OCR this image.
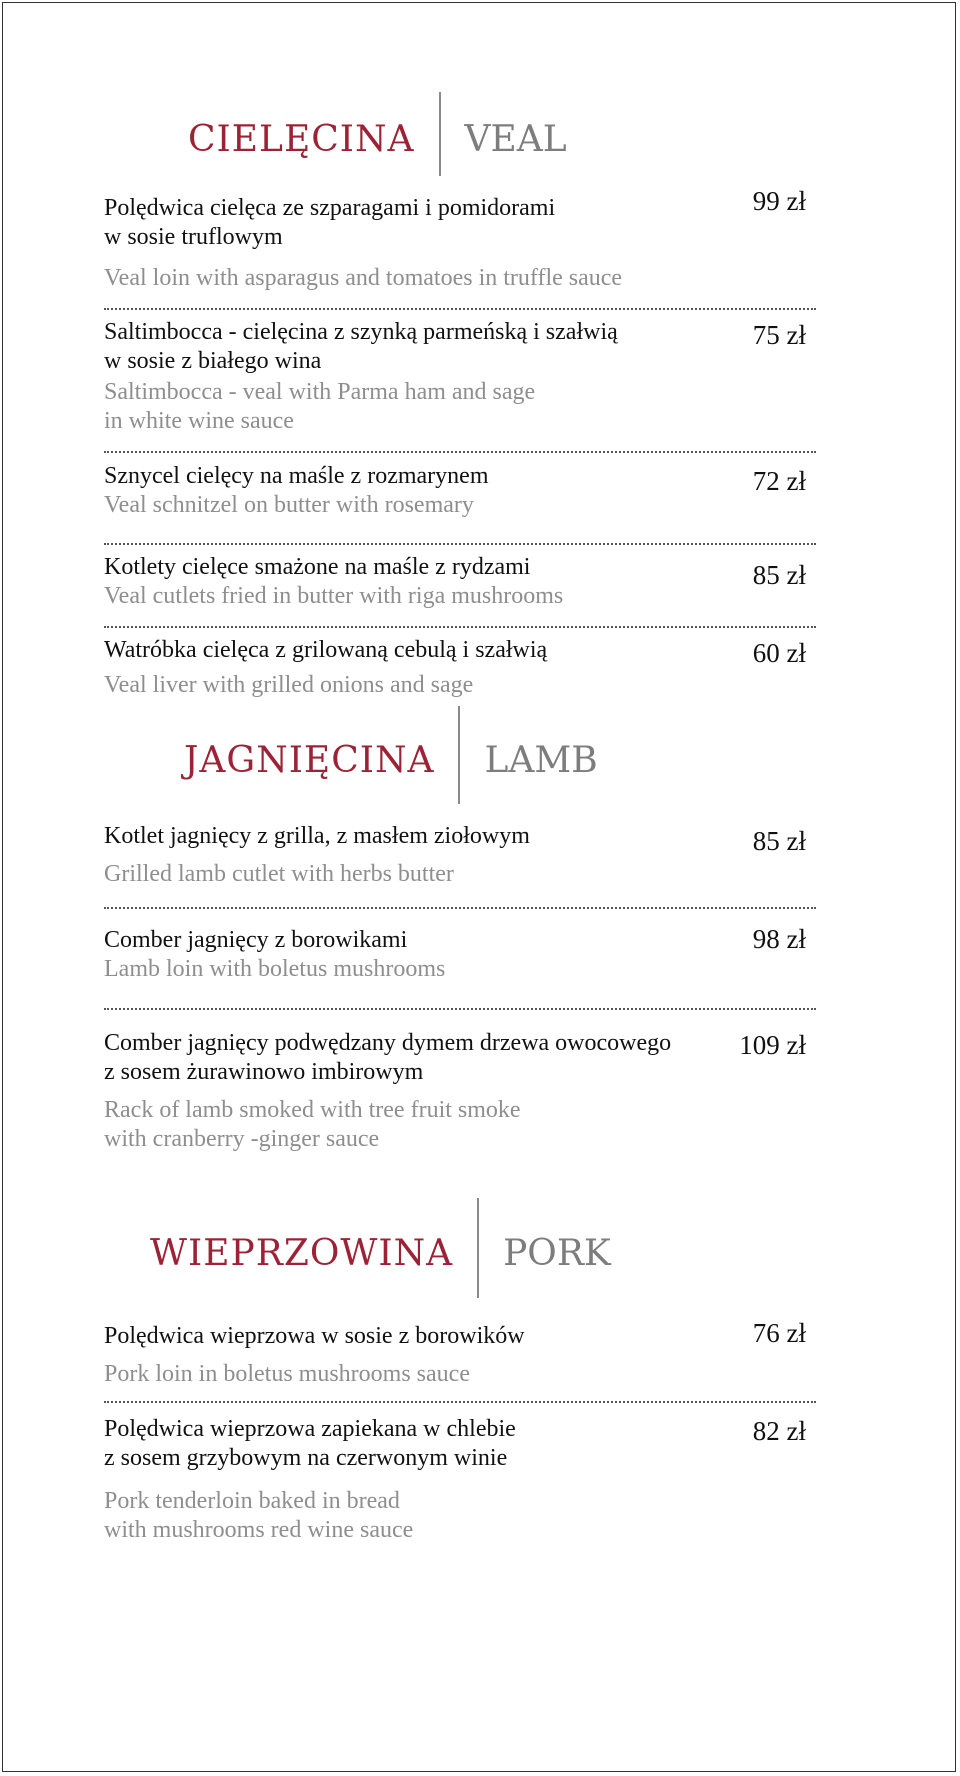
cielęcina veal
Polędwica cielęca ze szparagami i pomidorami
w sosie truflowym
Veal loin with asparagus and tomatoes in truffle sauce
99 zł
Saltimbocca - cielęcina z szynką parmeńską i szałwią
w sosie z białego wina
Saltimbocca - veal with Parma ham and sage
in white wine sauce
75 zł
Sznycel cielęcy na maśle z rozmarynem
Veal schnitzel on butter with rosemary
72 zł
Kotlety cielęce smażone na maśle z rydzami
Veal cutlets fried in butter with riga mushrooms
85 zł
Watróbka cielęca z grilowaną cebulą i szałwią
Veal liver with grilled onions and sage
60 zł
jagnięcina lamb
Kotlet jagnięcy z grilla, z masłem ziołowym
Grilled lamb cutlet with herbs butter
85 zł
Comber jagnięcy z borowikami
Lamb loin with boletus mushrooms
98 zł
Comber jagnięcy podwędzany dymem drzewa owocowego
z sosem żurawinowo imbirowym
Rack of lamb smoked with tree fruit smoke
with cranberry -ginger sauce
109 zł
wieprzowina pork
Polędwica wieprzowa w sosie z borowików
Pork loin in boletus mushrooms sauce
76 zł
Polędwica wieprzowa zapiekana w chlebie
z sosem grzybowym na czerwonym winie
Pork tenderloin baked in bread
with mushrooms red wine sauce
82 zł
